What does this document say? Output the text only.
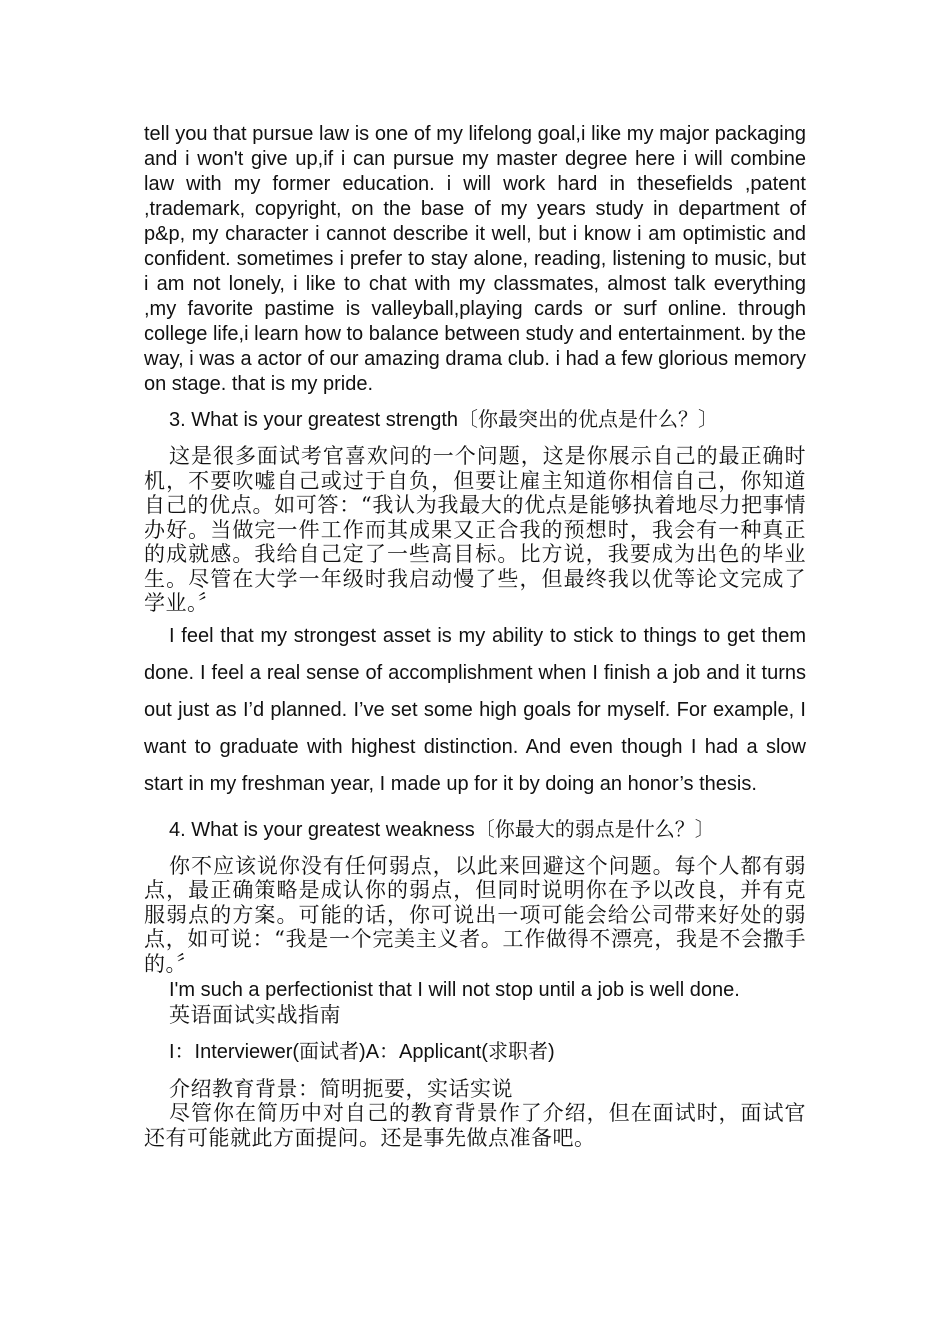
tell you that pursue law is one of my lifelong goal,i like my major packaging and i won't give up,if i can pursue my master degree here i will combine law with my former education. i will work hard in thesefields ,patent ,trademark, copyright, on the base of my years study in department of p&p, my character i cannot describe it well, but i know i am optimistic and confident. sometimes i prefer to stay alone, reading, listening to music, but i am not lonely, i like to chat with my classmates, almost talk everything ,my favorite pastime is valleyball,playing cards or surf online. through college life,i learn how to balance between study and entertainment. by the way, i was a actor of our amazing drama club. i had a few glorious memory on stage. that is my pride.

3. What is your greatest strength〔你最突出的优点是什么？〕

这是很多面试考官喜欢问的一个问题，这是你展示自己的最正确时机，不要吹嘘自己或过于自负，但要让雇主知道你相信自己，你知道自己的优点。如可答：“我认为我最大的优点是能够执着地尽力把事情办好。当做完一件工作而其成果又正合我的预想时，我会有一种真正的成就感。我给自己定了一些高目标。比方说，我要成为出色的毕业生。尽管在大学一年级时我启动慢了些，但最终我以优等论文完成了学业。〞

I feel that my strongest asset is my ability to stick to things to get them done. I feel a real sense of accomplishment when I finish a job and it turns out just as I’d planned. I’ve set some high goals for myself. For example, I want to graduate with highest distinction. And even though I had a slow start in my freshman year, I made up for it by doing an honor’s thesis.

4. What is your greatest weakness〔你最大的弱点是什么？〕

你不应该说你没有任何弱点，以此来回避这个问题。每个人都有弱点，最正确策略是成认你的弱点，但同时说明你在予以改良，并有克服弱点的方案。可能的话，你可说出一项可能会给公司带来好处的弱点，如可说：“我是一个完美主义者。工作做得不漂亮，我是不会撒手的。〞

I'm such a perfectionist that I will not stop until a job is well done.

英语面试实战指南

I：Interviewer(面试者)A：Applicant(求职者)

介绍教育背景：简明扼要，实话实说

尽管你在简历中对自己的教育背景作了介绍，但在面试时，面试官还有可能就此方面提问。还是事先做点准备吧。
